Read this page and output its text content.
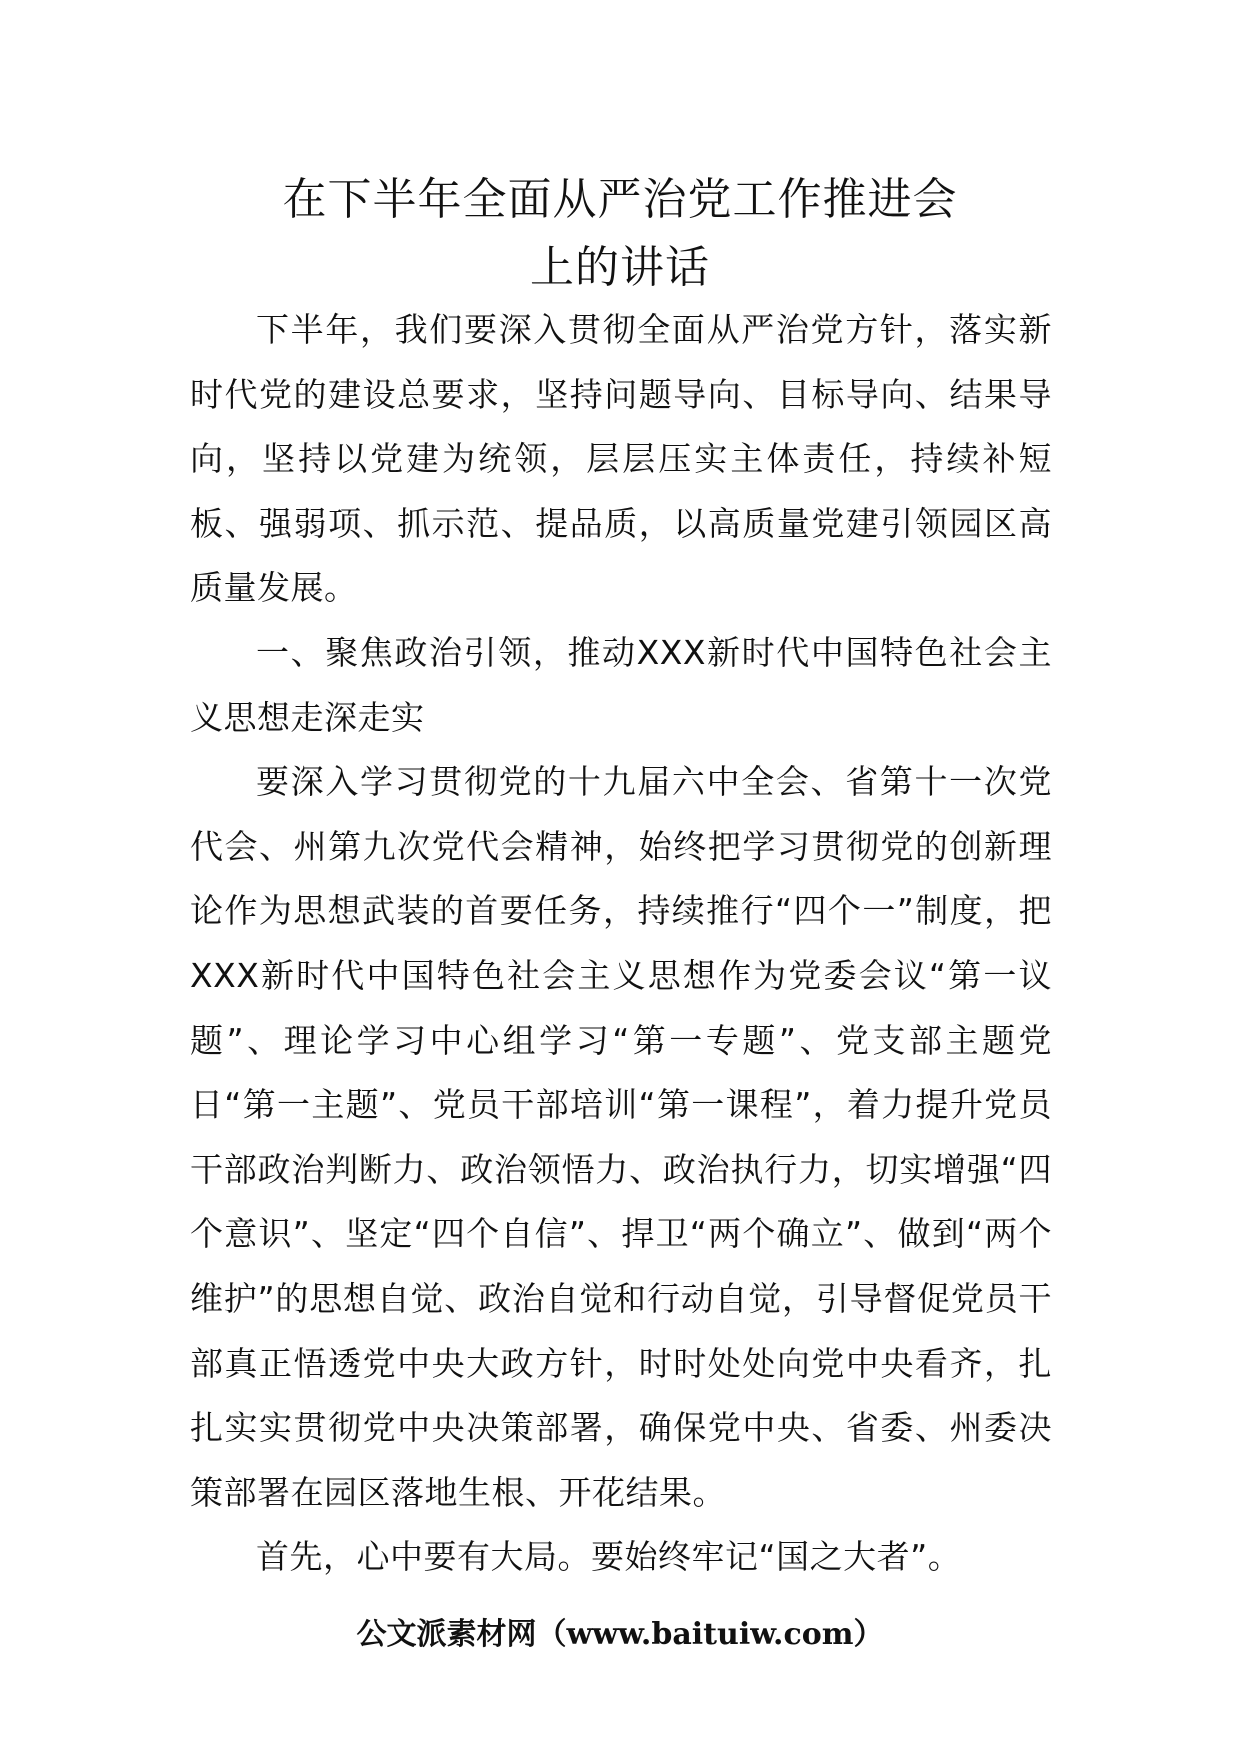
在下半年全面从严治党工作推进会
上的讲话

下半年，我们要深入贯彻全面从严治党方针，落实新时代党的建设总要求，坚持问题导向、目标导向、结果导向，坚持以党建为统领，层层压实主体责任，持续补短板、强弱项、抓示范、提品质，以高质量党建引领园区高质量发展。

一、聚焦政治引领，推动XXX新时代中国特色社会主义思想走深走实

要深入学习贯彻党的十九届六中全会、省第十一次党代会、州第九次党代会精神，始终把学习贯彻党的创新理论作为思想武装的首要任务，持续推行“四个一”制度，把XXX新时代中国特色社会主义思想作为党委会议“第一议题”、理论学习中心组学习“第一专题”、党支部主题党日“第一主题”、党员干部培训“第一课程”，着力提升党员干部政治判断力、政治领悟力、政治执行力，切实增强“四个意识”、坚定“四个自信”、捍卫“两个确立”、做到“两个维护”的思想自觉、政治自觉和行动自觉，引导督促党员干部真正悟透党中央大政方针，时时处处向党中央看齐，扎扎实实贯彻党中央决策部署，确保党中央、省委、州委决策部署在园区落地生根、开花结果。

首先，心中要有大局。要始终牢记“国之大者”。

公文派素材网（www.baituiw.com）
